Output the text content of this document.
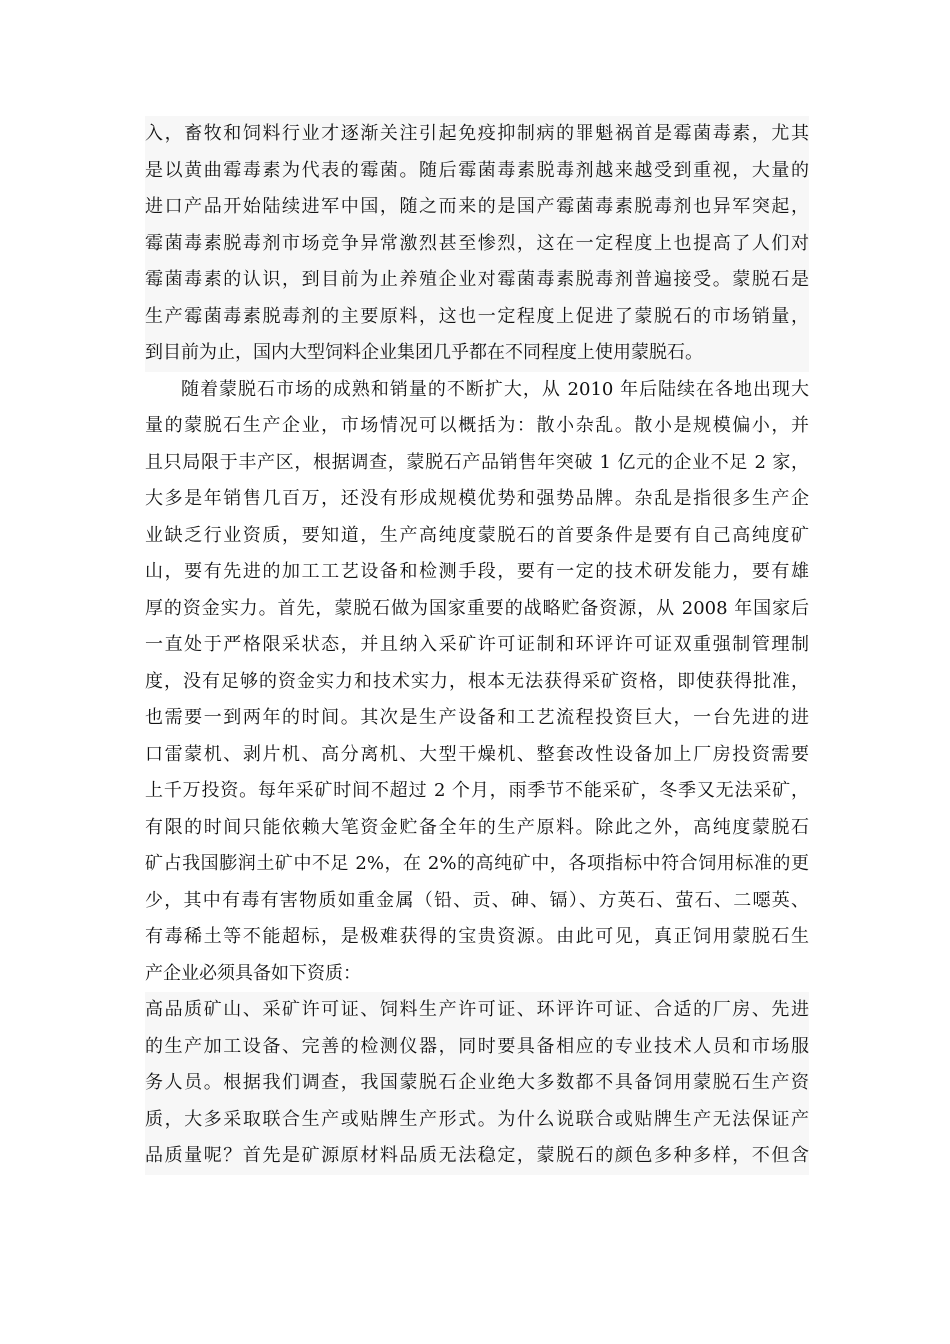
入，畜牧和饲料行业才逐渐关注引起免疫抑制病的罪魁祸首是霉菌毒素，尤其
是以黄曲霉毒素为代表的霉菌。随后霉菌毒素脱毒剂越来越受到重视，大量的
进口产品开始陆续进军中国，随之而来的是国产霉菌毒素脱毒剂也异军突起，
霉菌毒素脱毒剂市场竞争异常激烈甚至惨烈，这在一定程度上也提高了人们对
霉菌毒素的认识，到目前为止养殖企业对霉菌毒素脱毒剂普遍接受。蒙脱石是
生产霉菌毒素脱毒剂的主要原料，这也一定程度上促进了蒙脱石的市场销量，
到目前为止，国内大型饲料企业集团几乎都在不同程度上使用蒙脱石。
随着蒙脱石市场的成熟和销量的不断扩大，从 2010 年后陆续在各地出现大
量的蒙脱石生产企业，市场情况可以概括为：散小杂乱。散小是规模偏小，并
且只局限于丰产区，根据调查，蒙脱石产品销售年突破 1 亿元的企业不足 2 家，
大多是年销售几百万，还没有形成规模优势和强势品牌。杂乱是指很多生产企
业缺乏行业资质，要知道，生产高纯度蒙脱石的首要条件是要有自己高纯度矿
山，要有先进的加工工艺设备和检测手段，要有一定的技术研发能力，要有雄
厚的资金实力。首先，蒙脱石做为国家重要的战略贮备资源，从 2008 年国家后
一直处于严格限采状态，并且纳入采矿许可证制和环评许可证双重强制管理制
度，没有足够的资金实力和技术实力，根本无法获得采矿资格，即使获得批准，
也需要一到两年的时间。其次是生产设备和工艺流程投资巨大，一台先进的进
口雷蒙机、剥片机、高分离机、大型干燥机、整套改性设备加上厂房投资需要
上千万投资。每年采矿时间不超过 2 个月，雨季节不能采矿，冬季又无法采矿，
有限的时间只能依赖大笔资金贮备全年的生产原料。除此之外，高纯度蒙脱石
矿占我国膨润土矿中不足 2%，在 2%的高纯矿中，各项指标中符合饲用标准的更
少，其中有毒有害物质如重金属（铅、贡、砷、镉）、方英石、萤石、二噁英、
有毒稀土等不能超标，是极难获得的宝贵资源。由此可见，真正饲用蒙脱石生
产企业必须具备如下资质：
高品质矿山、采矿许可证、饲料生产许可证、环评许可证、合适的厂房、先进
的生产加工设备、完善的检测仪器，同时要具备相应的专业技术人员和市场服
务人员。根据我们调查，我国蒙脱石企业绝大多数都不具备饲用蒙脱石生产资
质，大多采取联合生产或贴牌生产形式。为什么说联合或贴牌生产无法保证产
品质量呢？首先是矿源原材料品质无法稳定，蒙脱石的颜色多种多样，不但含
